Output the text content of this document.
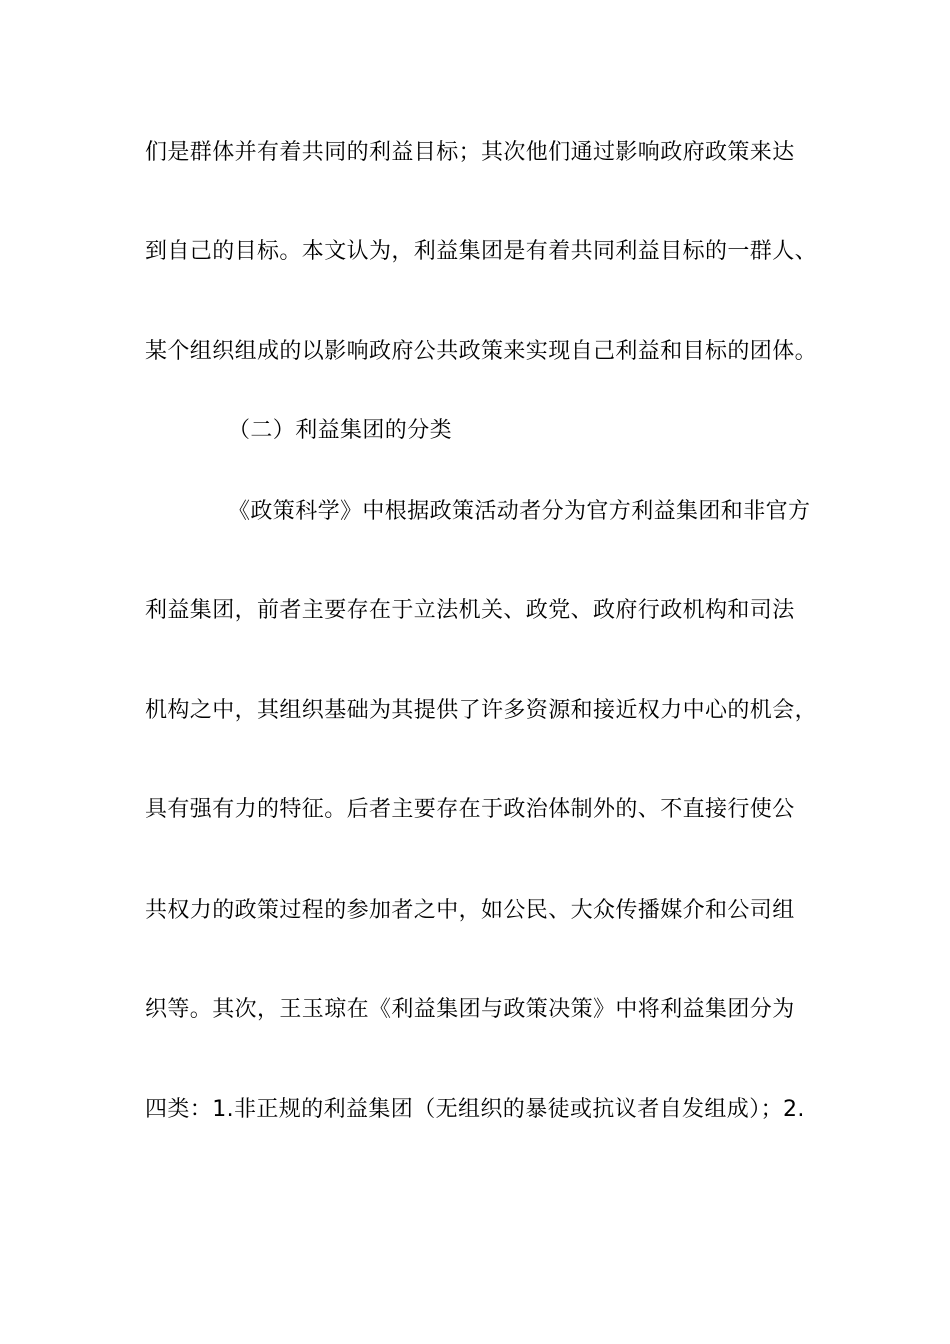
们是群体并有着共同的利益目标；其次他们通过影响政府政策来达
到自己的目标。本文认为，利益集团是有着共同利益目标的一群人、
某个组织组成的以影响政府公共政策来实现自己利益和目标的团体。
（二）利益集团的分类
《政策科学》中根据政策活动者分为官方利益集团和非官方
利益集团，前者主要存在于立法机关、政党、政府行政机构和司法
机构之中，其组织基础为其提供了许多资源和接近权力中心的机会，
具有强有力的特征。后者主要存在于政治体制外的、不直接行使公
共权力的政策过程的参加者之中，如公民、大众传播媒介和公司组
织等。其次，王玉琼在《利益集团与政策决策》中将利益集团分为
四类：1.非正规的利益集团（无组织的暴徒或抗议者自发组成）；2.
